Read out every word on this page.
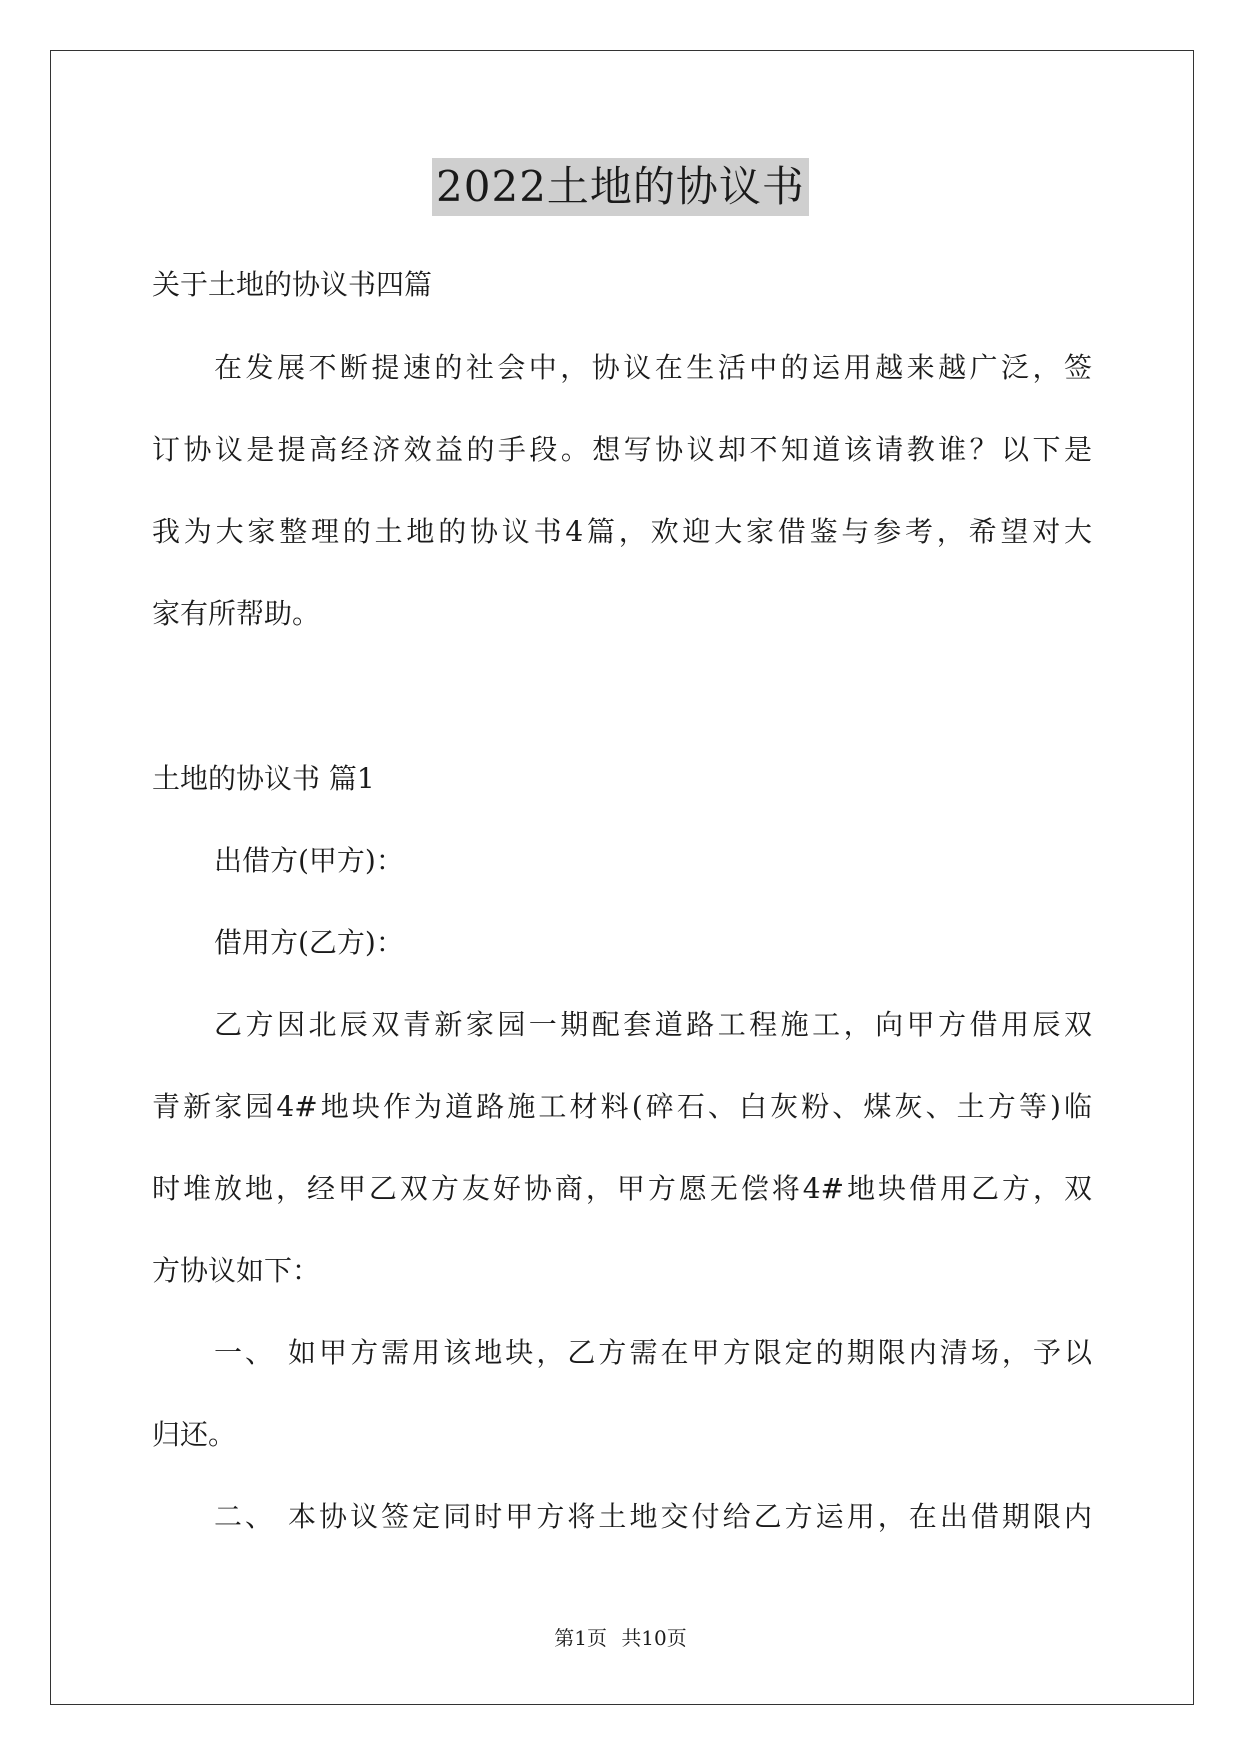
2022土地的协议书
关于土地的协议书四篇
在发展不断提速的社会中，协议在生活中的运用越来越广泛，签
订协议是提高经济效益的手段。想写协议却不知道该请教谁？以下是
我为大家整理的土地的协议书4篇，欢迎大家借鉴与参考，希望对大
家有所帮助。
土地的协议书 篇1
出借方(甲方)：
借用方(乙方)：
乙方因北辰双青新家园一期配套道路工程施工，向甲方借用辰双
青新家园4#地块作为道路施工材料(碎石、白灰粉、煤灰、土方等)临
时堆放地，经甲乙双方友好协商，甲方愿无偿将4#地块借用乙方，双
方协议如下：
一、 如甲方需用该地块，乙方需在甲方限定的期限内清场，予以
归还。
二、 本协议签定同时甲方将土地交付给乙方运用，在出借期限内
第1页 共10页
